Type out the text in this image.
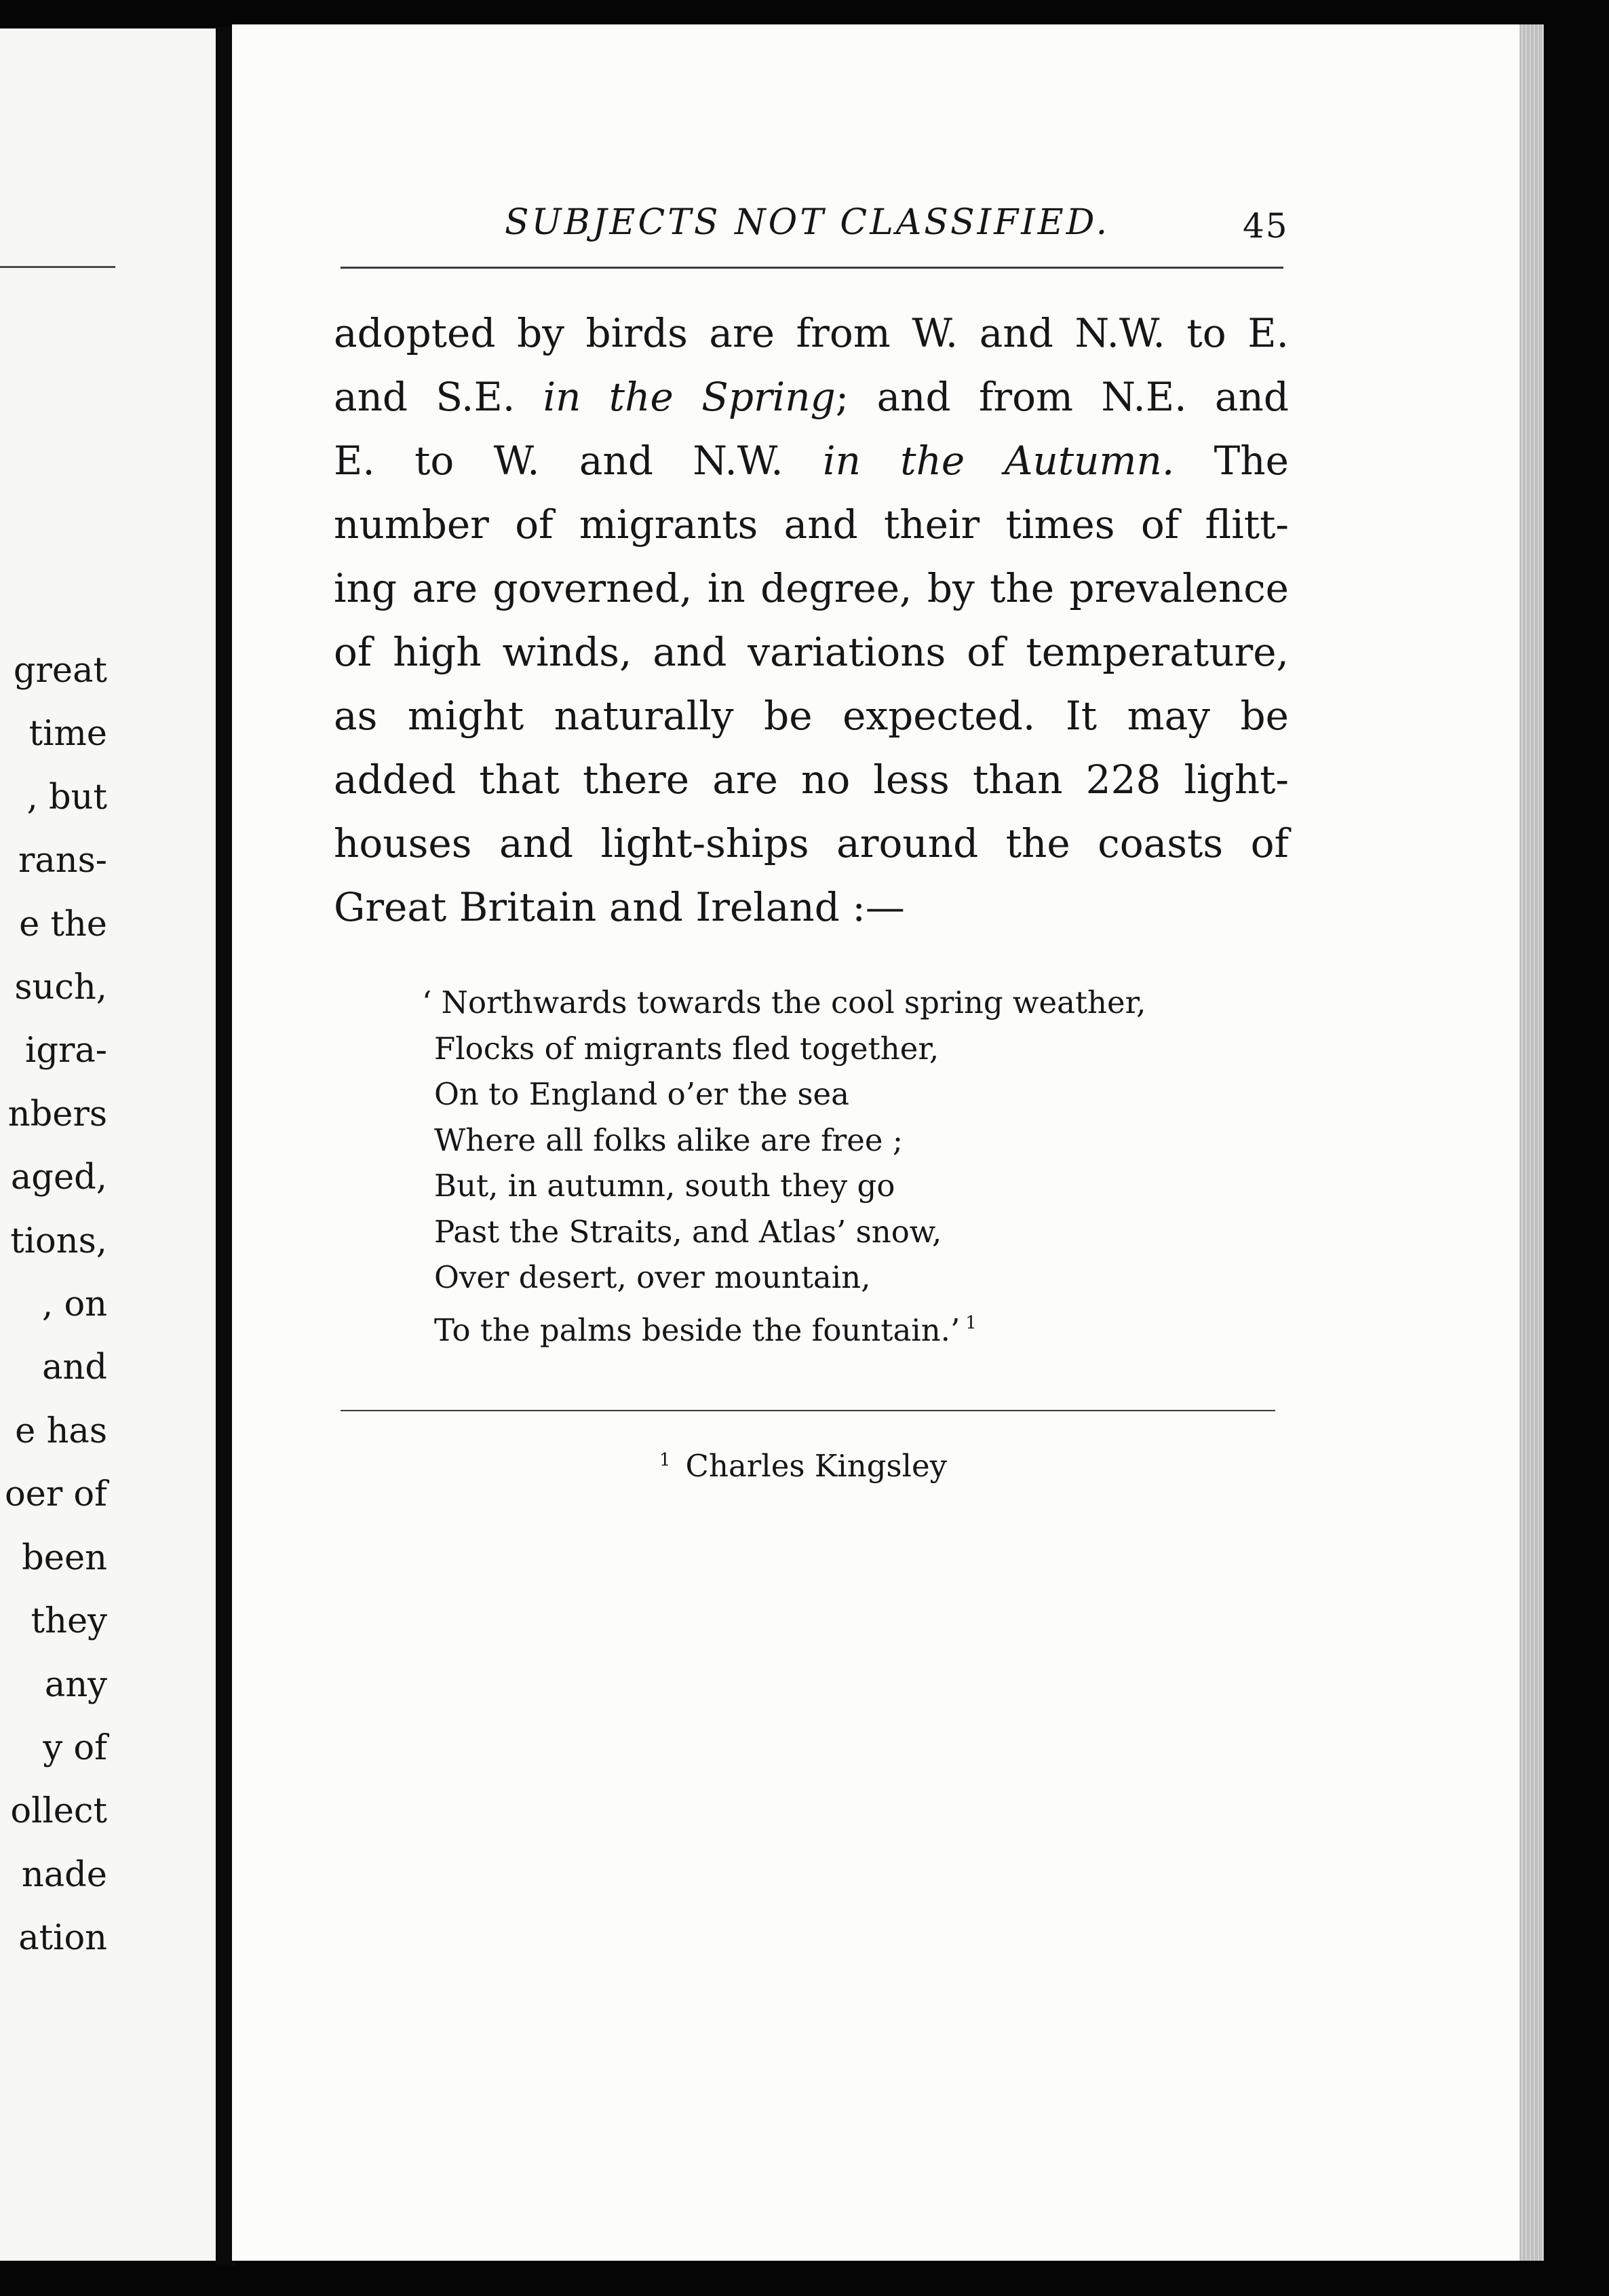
great
time
, but
rans-
e the
such,
igra-
nbers
aged,
tions,
, on
and
e has
oer of
been
they
any
y of
ollect
nade
ation
SUBJECTS NOT CLASSIFIED.	45
adopted by birds are from W. and N.W. to E.
and S.E. in the Spring; and from N.E. and
E. to W. and N.W. in the Autumn. The
number of migrants and their times of flitt-
ing are governed, in degree, by the prevalence
of high winds, and variations of temperature,
as might naturally be expected. It may be
added that there are no less than 228 light-
houses and light-ships around the coasts of
Great Britain and Ireland :—
‘ Northwards towards the cool spring weather,
Flocks of migrants fled together,
On to England o’er the sea
Where all folks alike are free ;
But, in autumn, south they go
Past the Straits, and Atlas’ snow,
Over desert, over mountain,
To the palms beside the fountain.’ $^1$
$^1$ Charles Kingsley
